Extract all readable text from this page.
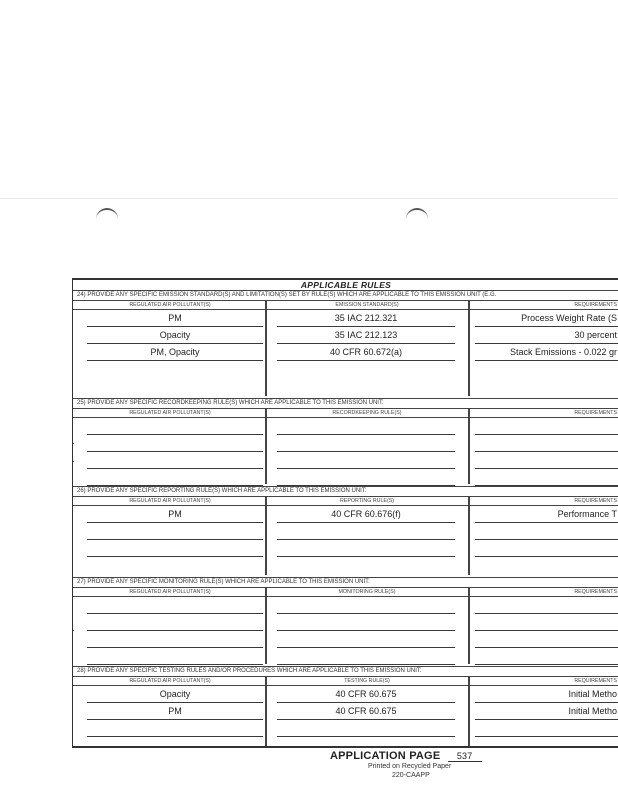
APPLICABLE RULES
24) PROVIDE ANY SPECIFIC EMISSION STANDARD(S) AND LIMITATION(S) SET BY RULE(S) WHICH ARE APPLICABLE TO THIS EMISSION UNIT (E.G.
REGULATED AIR POLLUTANT(S)	EMISSION STANDARD(S)	REQUIREMENTS
PM	35 IAC 212.321	Process Weight Rate (S
Opacity	35 IAC 212.123	30 percent
PM, Opacity	40 CFR 60.672(a)	Stack Emissions - 0.022 gr
25) PROVIDE ANY SPECIFIC RECORDKEEPING RULE(S) WHICH ARE APPLICABLE TO THIS EMISSION UNIT:
REGULATED AIR POLLUTANT(S)	RECORDKEEPING RULE(S)	REQUIREMENTS
26) PROVIDE ANY SPECIFIC REPORTING RULE(S) WHICH ARE APPLICABLE TO THIS EMISSION UNIT:
REGULATED AIR POLLUTANT(S)	REPORTING RULE(S)	REQUIREMENTS
PM	40 CFR 60.676(f)	Performance T
27) PROVIDE ANY SPECIFIC MONITORING RULE(S) WHICH ARE APPLICABLE TO THIS EMISSION UNIT:
REGULATED AIR POLLUTANT(S)	MONITORING RULE(S)	REQUIREMENTS
28) PROVIDE ANY SPECIFIC TESTING RULES AND/OR PROCEDURES WHICH ARE APPLICABLE TO THIS EMISSION UNIT:
REGULATED AIR POLLUTANT(S)	TESTING RULE(S)	REQUIREMENTS
Opacity	40 CFR 60.675	Initial Metho
PM	40 CFR 60.675	Initial Metho
APPLICATION PAGE 537
Printed on Recycled Paper
220-CAAPP
